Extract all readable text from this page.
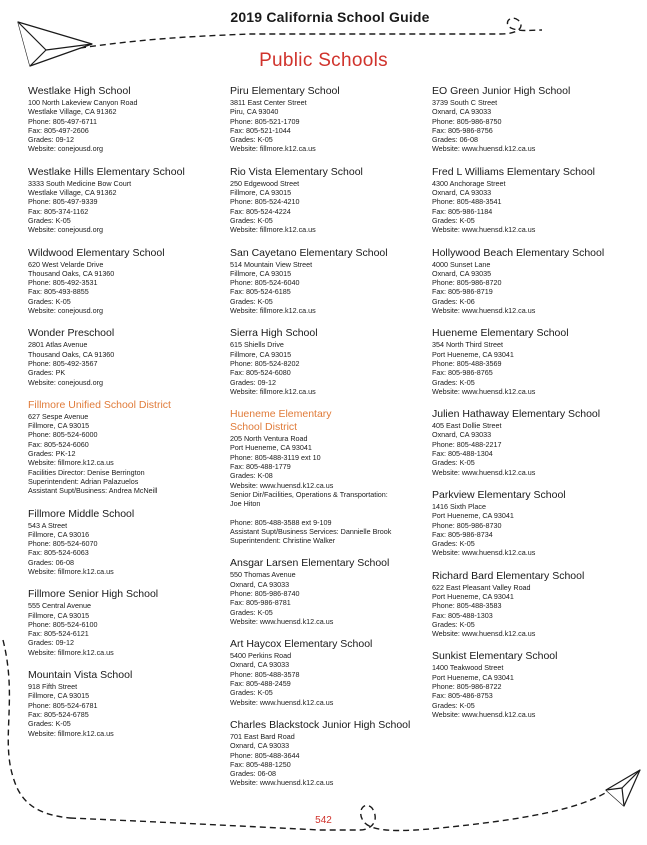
2019 California School Guide
Public Schools
Westlake High School
100 North Lakeview Canyon Road
Westlake Village, CA 91362
Phone: 805-497-6711
Fax: 805-497-2606
Grades: 09-12
Website: conejousd.org
Westlake Hills Elementary School
3333 South Medicine Bow Court
Westlake Village, CA 91362
Phone: 805-497-9339
Fax: 805-374-1162
Grades: K-05
Website: conejousd.org
Wildwood Elementary School
620 West Velarde Drive
Thousand Oaks, CA 91360
Phone: 805-492-3531
Fax: 805-493-8855
Grades: K-05
Website: conejousd.org
Wonder Preschool
2801 Atlas Avenue
Thousand Oaks, CA 91360
Phone: 805-492-3567
Grades: PK
Website: conejousd.org
Fillmore Unified School District
627 Sespe Avenue
Fillmore, CA 93015
Phone: 805-524-6000
Fax: 805-524-6060
Grades: PK-12
Website: fillmore.k12.ca.us
Facilities Director: Denise Berrington
Superintendent: Adrian Palazuelos
Assistant Supt/Business: Andrea McNeill
Fillmore Middle School
543 A Street
Fillmore, CA 93016
Phone: 805-524-6070
Fax: 805-524-6063
Grades: 06-08
Website: fillmore.k12.ca.us
Fillmore Senior High School
555 Central Avenue
Fillmore, CA 93015
Phone: 805-524-6100
Fax: 805-524-6121
Grades: 09-12
Website: fillmore.k12.ca.us
Mountain Vista School
918 Fifth Street
Fillmore, CA 93015
Phone: 805-524-6781
Fax: 805-524-6785
Grades: K-05
Website: fillmore.k12.ca.us
Piru Elementary School
3811 East Center Street
Piru, CA 93040
Phone: 805-521-1709
Fax: 805-521-1044
Grades: K-05
Website: fillmore.k12.ca.us
Rio Vista Elementary School
250 Edgewood Street
Fillmore, CA 93015
Phone: 805-524-4210
Fax: 805-524-4224
Grades: K-05
Website: fillmore.k12.ca.us
San Cayetano Elementary School
514 Mountain View Street
Fillmore, CA 93015
Phone: 805-524-6040
Fax: 805-524-6185
Grades: K-05
Website: fillmore.k12.ca.us
Sierra High School
615 Shiells Drive
Fillmore, CA 93015
Phone: 805-524-8202
Fax: 805-524-6080
Grades: 09-12
Website: fillmore.k12.ca.us
Hueneme Elementary
School District
205 North Ventura Road
Port Hueneme, CA 93041
Phone: 805-488-3119 ext 10
Fax: 805-488-1779
Grades: K-08
Website: www.huensd.k12.ca.us
Senior Dir/Facilities, Operations & Transportation:
Joe Hiton
Phone: 805-488-3588 ext 9-109
Assistant Supt/Business Services: Dannielle Brook
Superintendent: Christine Walker
Ansgar Larsen Elementary School
550 Thomas Avenue
Oxnard, CA 93033
Phone: 805-986-8740
Fax: 805-986-8781
Grades: K-05
Website: www.huensd.k12.ca.us
Art Haycox Elementary School
5400 Perkins Road
Oxnard, CA 93033
Phone: 805-488-3578
Fax: 805-488-2459
Grades: K-05
Website: www.huensd.k12.ca.us
Charles Blackstock Junior High School
701 East Bard Road
Oxnard, CA 93033
Phone: 805-488-3644
Fax: 805-488-1250
Grades: 06-08
Website: www.huensd.k12.ca.us
EO Green Junior High School
3739 South C Street
Oxnard, CA 93033
Phone: 805-986-8750
Fax: 805-986-8756
Grades: 06-08
Website: www.huensd.k12.ca.us
Fred L Williams Elementary School
4300 Anchorage Street
Oxnard, CA 93033
Phone: 805-488-3541
Fax: 805-986-1184
Grades: K-05
Website: www.huensd.k12.ca.us
Hollywood Beach Elementary School
4000 Sunset Lane
Oxnard, CA 93035
Phone: 805-986-8720
Fax: 805-986-8719
Grades: K-06
Website: www.huensd.k12.ca.us
Hueneme Elementary School
354 North Third Street
Port Hueneme, CA 93041
Phone: 805-488-3569
Fax: 805-986-8765
Grades: K-05
Website: www.huensd.k12.ca.us
Julien Hathaway Elementary School
405 East Dollie Street
Oxnard, CA 93033
Phone: 805-488-2217
Fax: 805-488-1304
Grades: K-05
Website: www.huensd.k12.ca.us
Parkview Elementary School
1416 Sixth Place
Port Hueneme, CA 93041
Phone: 805-986-8730
Fax: 805-986-8734
Grades: K-05
Website: www.huensd.k12.ca.us
Richard Bard Elementary School
622 East Pleasant Valley Road
Port Hueneme, CA 93041
Phone: 805-488-3583
Fax: 805-488-1303
Grades: K-05
Website: www.huensd.k12.ca.us
Sunkist Elementary School
1400 Teakwood Street
Port Hueneme, CA 93041
Phone: 805-986-8722
Fax: 805-486-8753
Grades: K-05
Website: www.huensd.k12.ca.us
542
